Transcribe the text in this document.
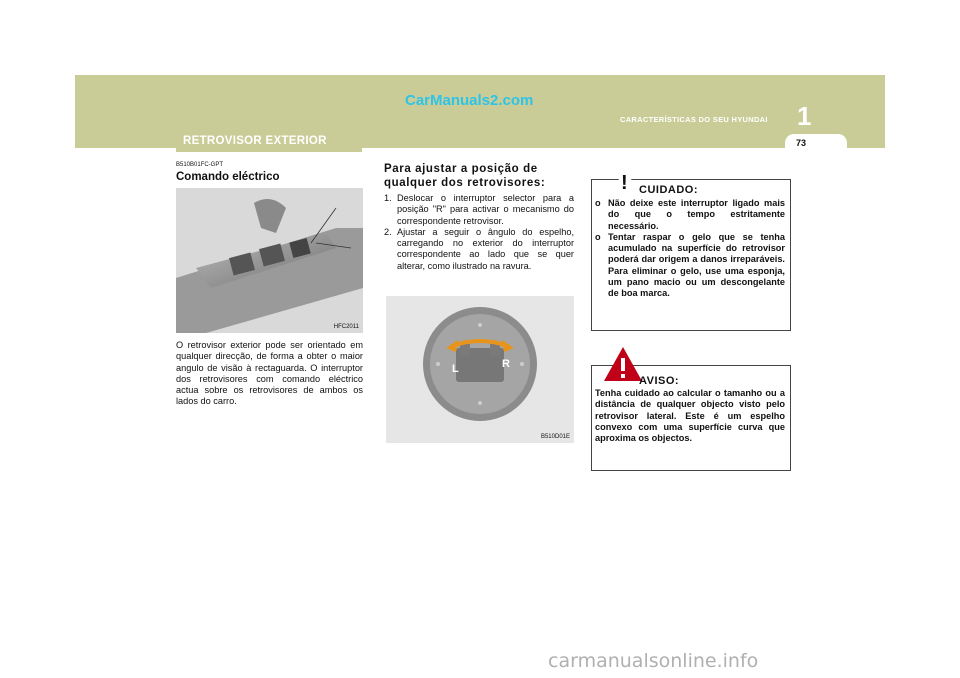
CarManuals2.com
CARACTERÍSTICAS DO SEU HYUNDAI 1
73
RETROVISOR EXTERIOR
B510B01FC-GPT
Comando eléctrico
HFC2011
O retrovisor exterior pode ser orientado em qualquer direcção, de forma a obter o maior angulo de visão à rectaguarda. O interruptor dos retrovisores com comando eléctrico actua sobre os retrovisores de ambos os lados do carro.
Para ajustar a posição de qualquer dos retrovisores:
1. Deslocar o interruptor selector para a posição "R" para activar o mecanismo do correspondente retrovisor.
2. Ajustar a seguir o ângulo do espelho, carregando no exterior do interruptor correspondente ao lado que se quer alterar, como ilustrado na ravura.
L	R
B510D01E
! CUIDADO:
o Não deixe este interruptor ligado mais do que o tempo estritamente necessário.
o Tentar raspar o gelo que se tenha acumulado na superfície do retrovisor poderá dar origem a danos irreparáveis. Para eliminar o gelo, use uma esponja, um pano macio ou um descongelante de boa marca.
AVISO:
Tenha cuidado ao calcular o tamanho ou a distância de qualquer objecto visto pelo retrovisor lateral. Este é um espelho convexo com uma superfície curva que aproxima os objectos.
carmanualsonline.info
